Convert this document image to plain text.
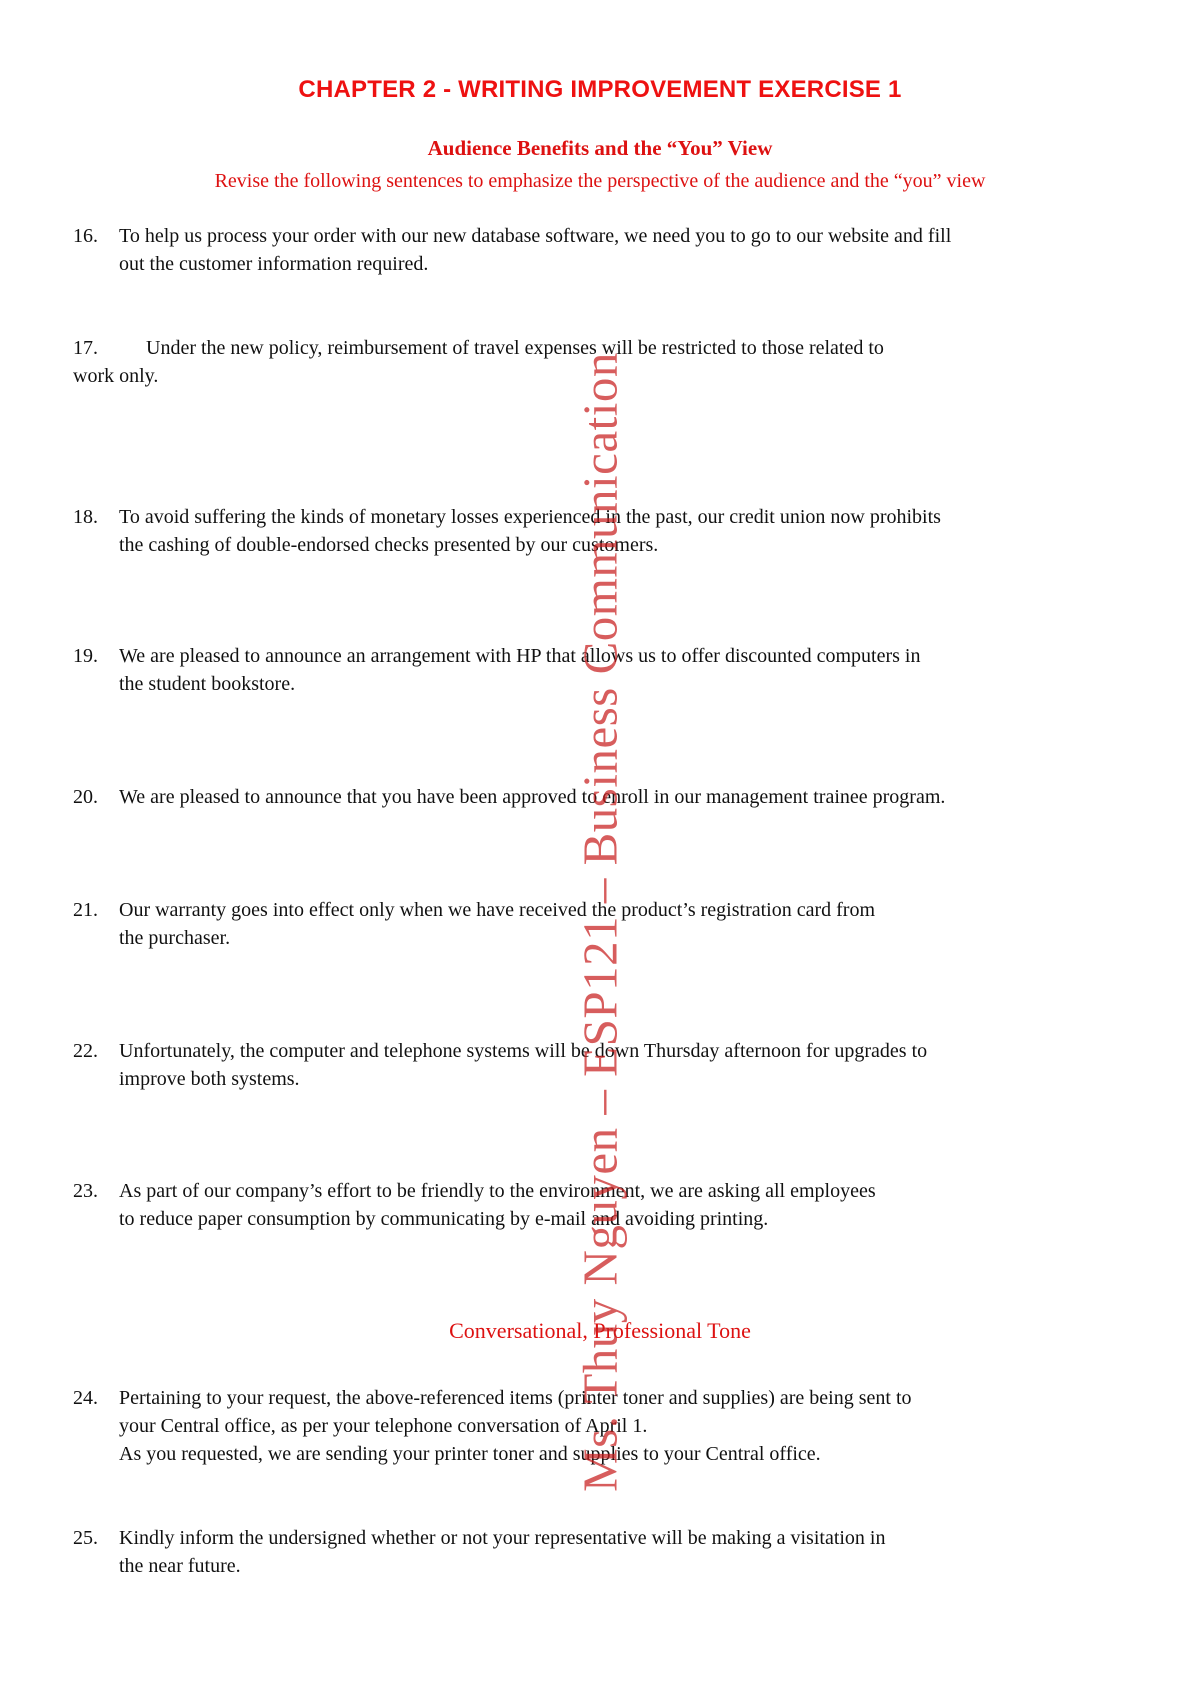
CHAPTER 2 - WRITING IMPROVEMENT EXERCISE 1
Audience Benefits and the “You” View
Revise the following sentences to emphasize the perspective of the audience and the “you” view
16.	To help us process your order with our new database software, we need you to go to our website and fill
out the customer information required.
17.	Under the new policy, reimbursement of travel expenses will be restricted to those related to
work only.
18.	To avoid suffering the kinds of monetary losses experienced in the past, our credit union now prohibits
the cashing of double-endorsed checks presented by our customers.
19.	We are pleased to announce an arrangement with HP that allows us to offer discounted computers in
the student bookstore.
20.	We are pleased to announce that you have been approved to enroll in our management trainee program.
21.	Our warranty goes into effect only when we have received the product’s registration card from
the purchaser.
22.	Unfortunately, the computer and telephone systems will be down Thursday afternoon for upgrades to
improve both systems.
23.	As part of our company’s effort to be friendly to the environment, we are asking all employees
to reduce paper consumption by communicating by e-mail and avoiding printing.
Conversational, Professional Tone
24.	Pertaining to your request, the above-referenced items (printer toner and supplies) are being sent to
your Central office, as per your telephone conversation of April 1.
As you requested, we are sending your printer toner and supplies to your Central office.
25.	Kindly inform the undersigned whether or not your representative will be making a visitation in
the near future.
Ms. Thuy Nguyen – ESP121 – Business Communication
